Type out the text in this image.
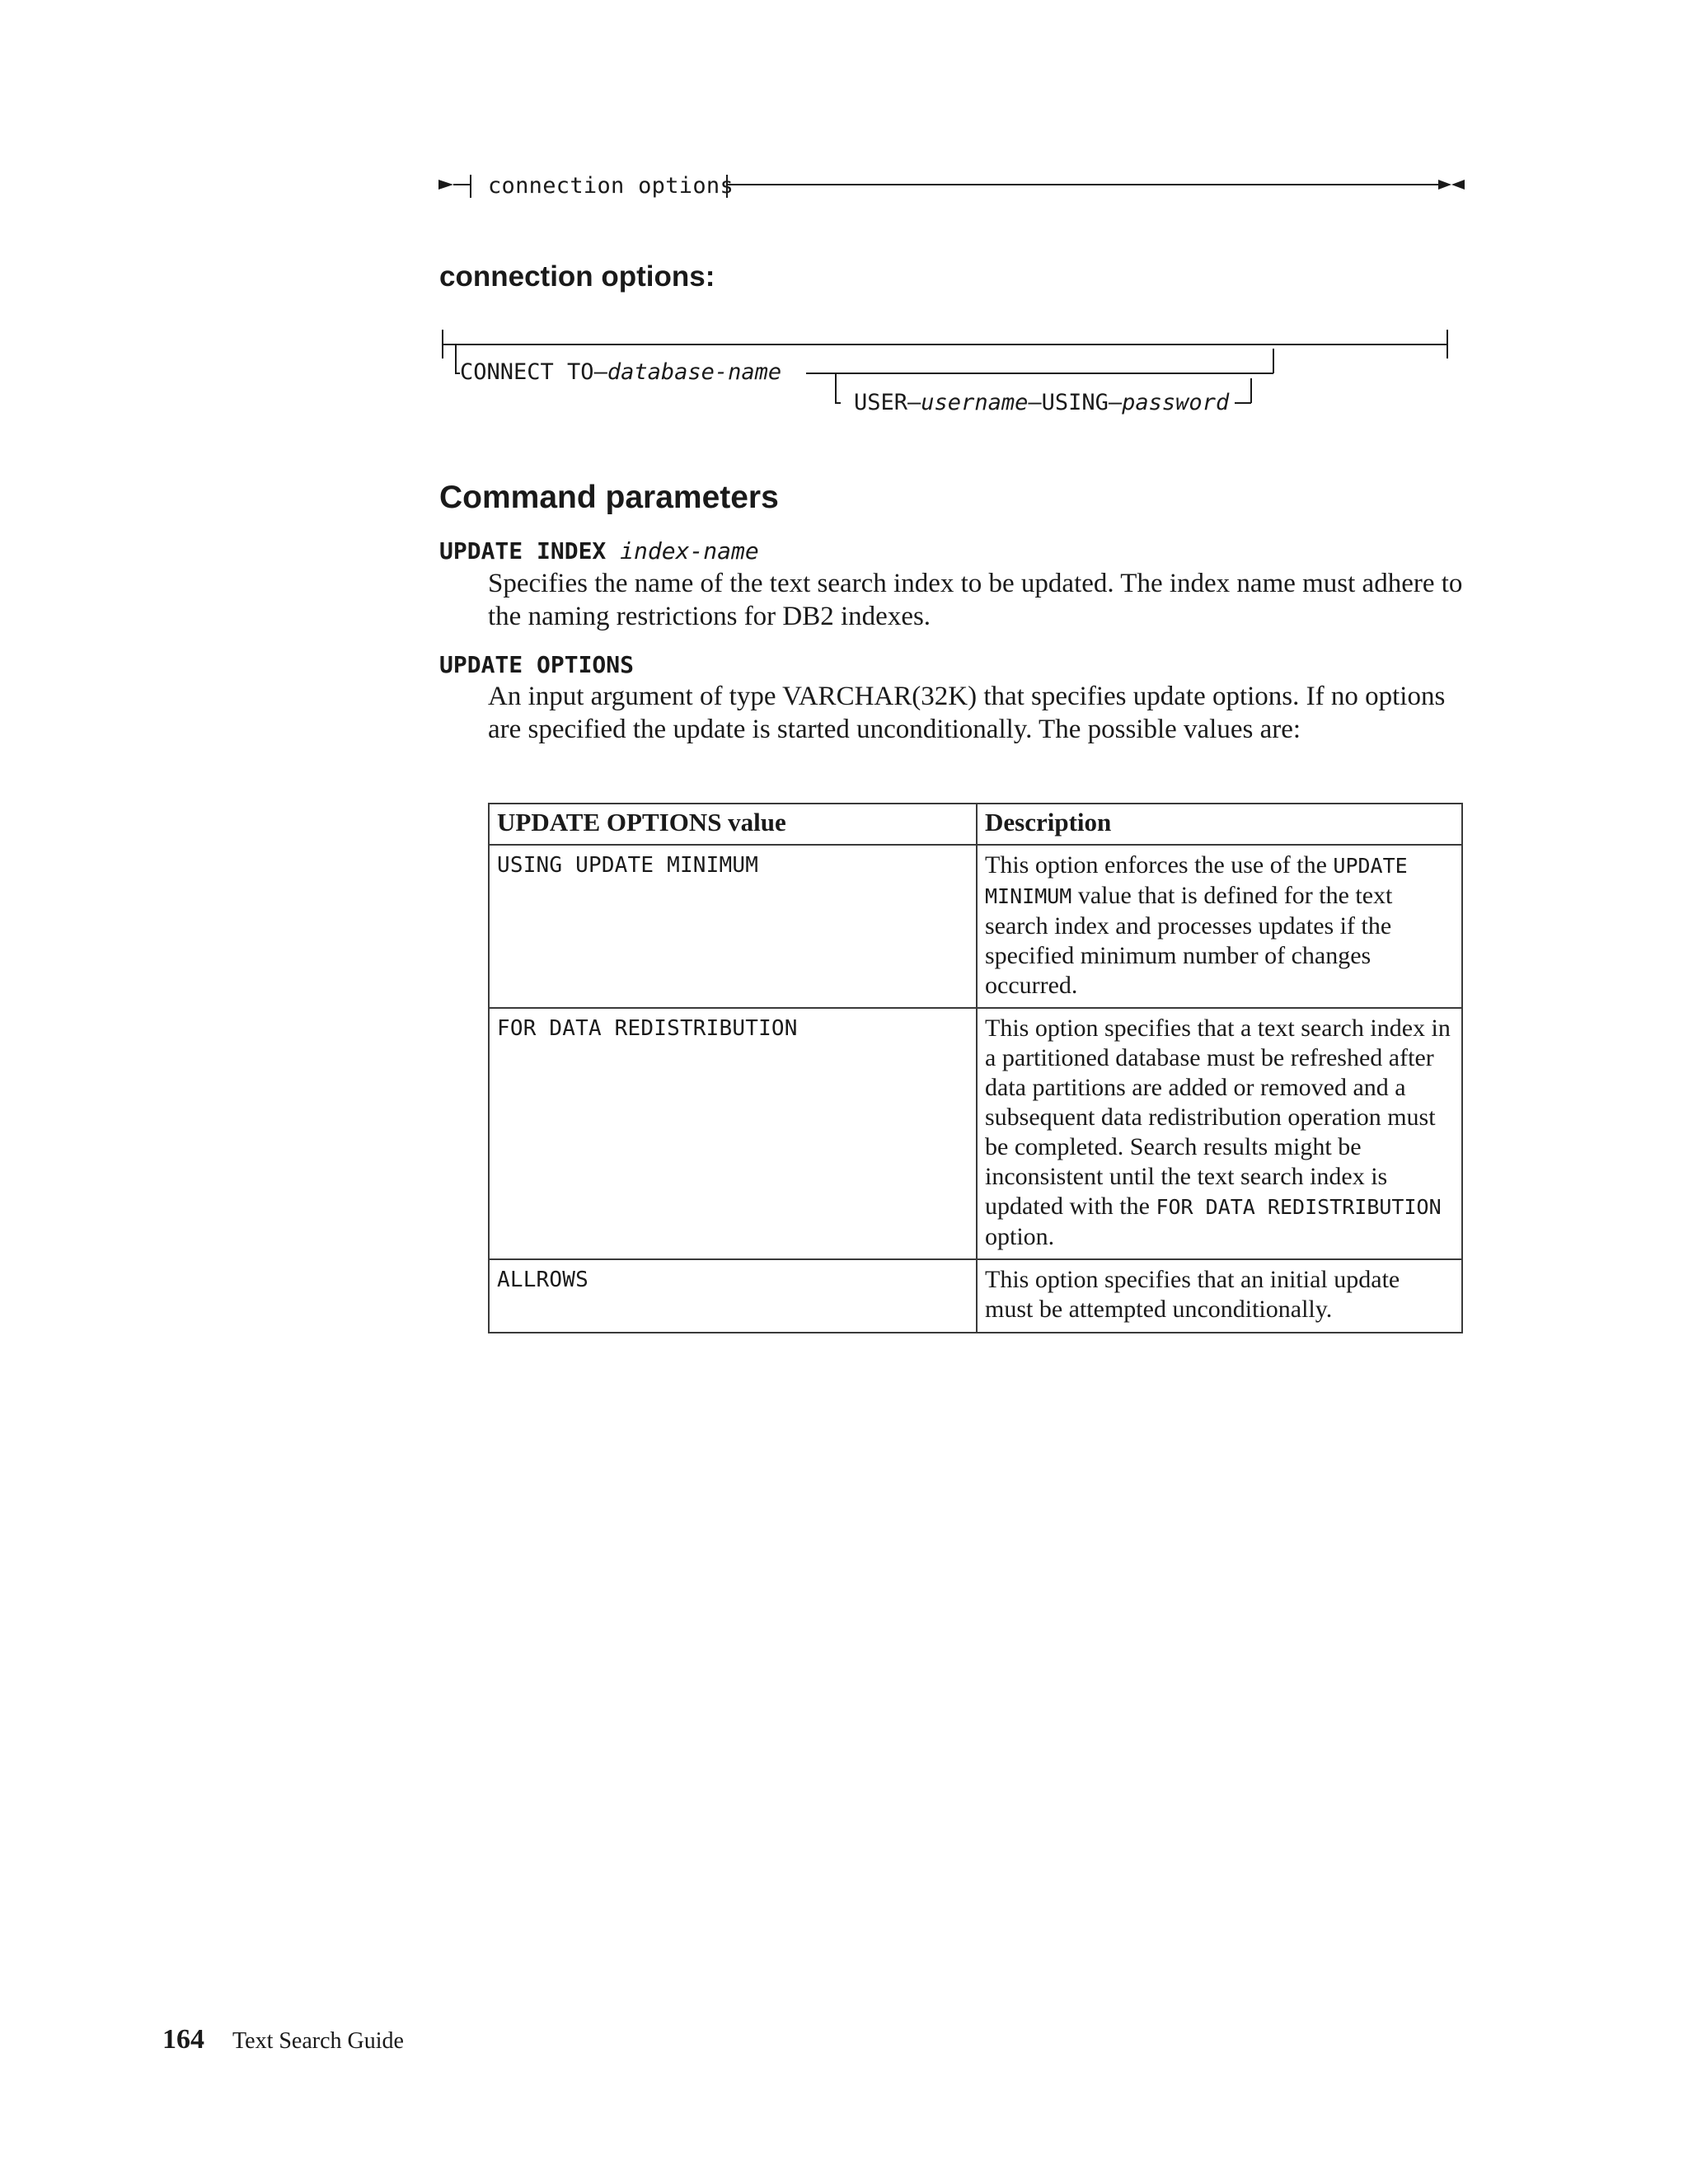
connection options
connection options:
CONNECT TO—database-name
USER—username—USING—password
Command parameters
UPDATE INDEX index-name
Specifies the name of the text search index to be updated. The index name must adhere to the naming restrictions for DB2 indexes.
UPDATE OPTIONS
An input argument of type VARCHAR(32K) that specifies update options. If no options are specified the update is started unconditionally. The possible values are:
UPDATE OPTIONS value	Description
USING UPDATE MINIMUM	This option enforces the use of the UPDATE MINIMUM value that is defined for the text search index and processes updates if the specified minimum number of changes occurred.
FOR DATA REDISTRIBUTION	This option specifies that a text search index in a partitioned database must be refreshed after data partitions are added or removed and a subsequent data redistribution operation must be completed. Search results might be inconsistent until the text search index is updated with the FOR DATA REDISTRIBUTION option.
ALLROWS	This option specifies that an initial update must be attempted unconditionally.
164 Text Search Guide
